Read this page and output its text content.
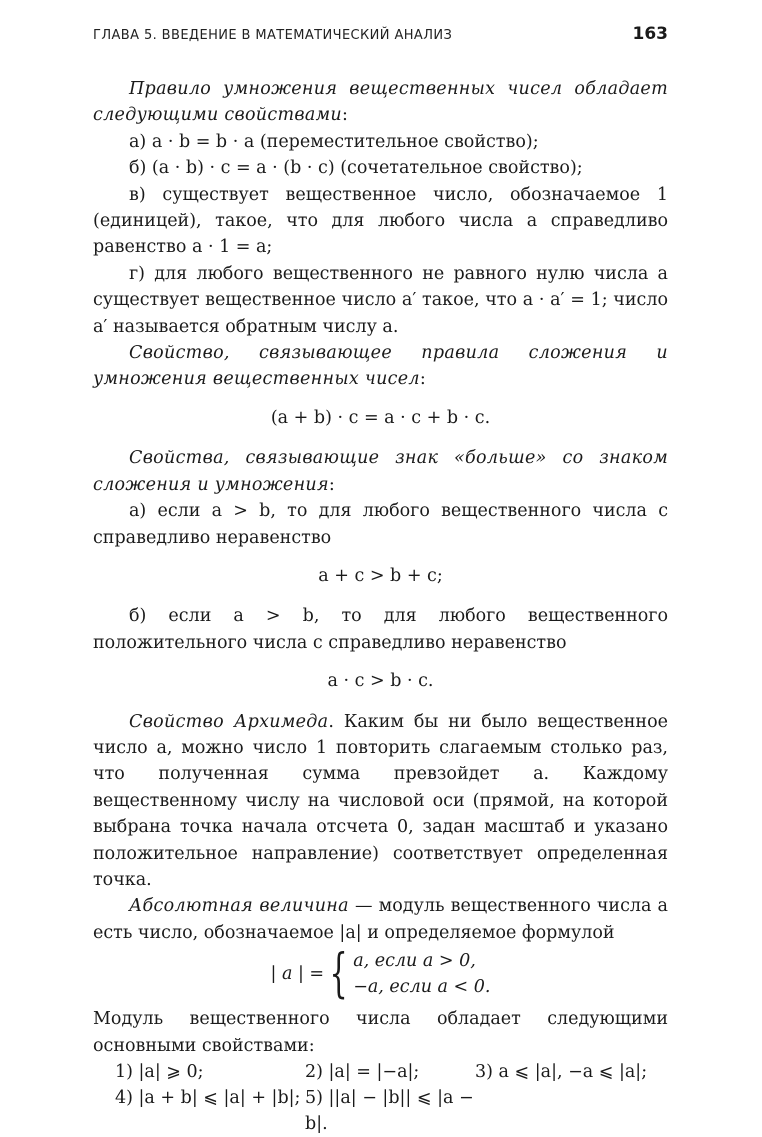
ГЛАВА 5. ВВЕДЕНИЕ В МАТЕМАТИЧЕСКИЙ АНАЛИЗ	163

Правило умножения вещественных чисел обладает следующими свойствами:

а) a · b = b · a (переместительное свойство);

б) (a · b) · c = a · (b · c) (сочетательное свойство);

в) существует вещественное число, обозначаемое 1 (единицей), такое, что для любого числа a справедливо равенство a · 1 = a;

г) для любого вещественного не равного нулю числа a существует вещественное число a′ такое, что a · a′ = 1; число a′ называется обратным числу a.

Свойство, связывающее правила сложения и умножения вещественных чисел:

(a + b) · c = a · c + b · c.

Свойства, связывающие знак «больше» со знаком сложения и умножения:

а) если a > b, то для любого вещественного числа c справедливо неравенство

a + c > b + c;

б) если a > b, то для любого вещественного положительного числа c справедливо неравенство

a · c > b · c.

Свойство Архимеда. Каким бы ни было вещественное число a, можно число 1 повторить слагаемым столько раз, что полученная сумма превзойдет a. Каждому вещественному числу на числовой оси (прямой, на которой выбрана точка начала отсчета 0, задан масштаб и указано положительное направление) соответствует определенная точка.

Абсолютная величина — модуль вещественного числа a есть число, обозначаемое |a| и определяемое формулой

| a | = { a, если a > 0,
−a, если a < 0.

Модуль вещественного числа обладает следующими основными свойствами:

1) |a| ⩾ 0;	2) |a| = |−a|;	3) a ⩽ |a|, −a ⩽ |a|;
4) |a + b| ⩽ |a| + |b|; 5) ||a| − |b|| ⩽ |a − b|.
